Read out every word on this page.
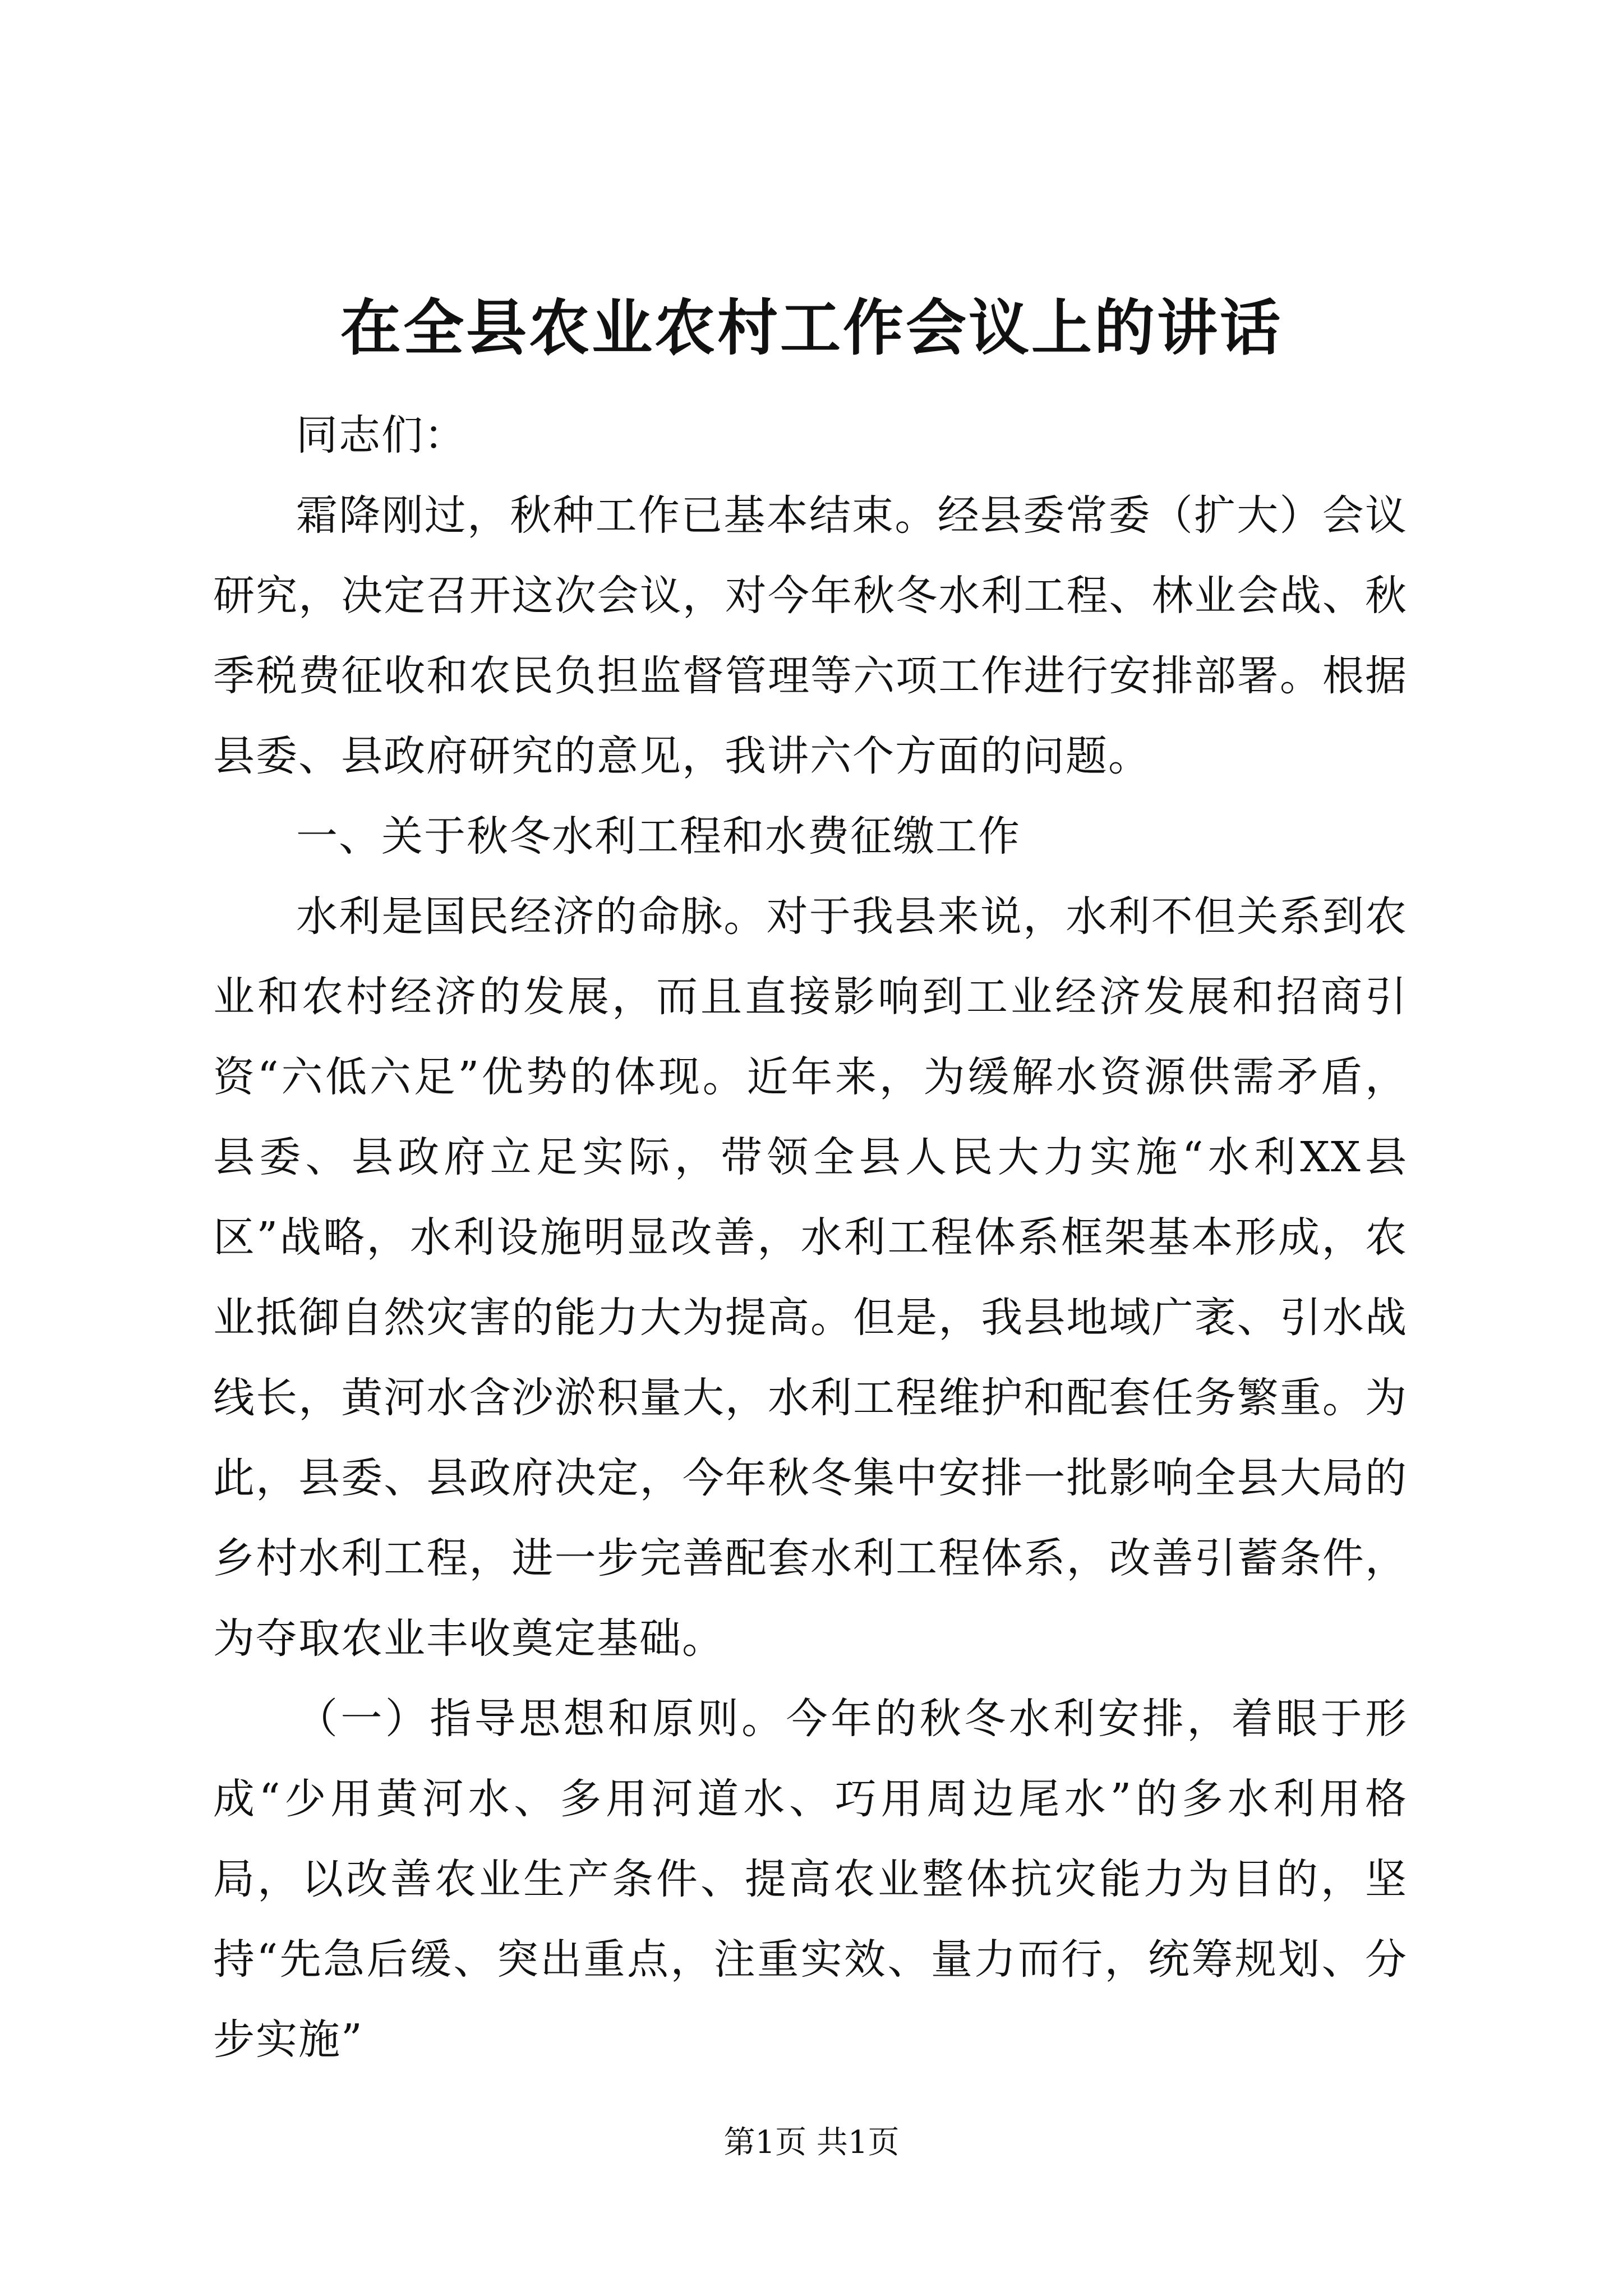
在全县农业农村工作会议上的讲话

同志们：

霜降刚过，秋种工作已基本结束。经县委常委（扩大）会议研究，决定召开这次会议，对今年秋冬水利工程、林业会战、秋季税费征收和农民负担监督管理等六项工作进行安排部署。根据县委、县政府研究的意见，我讲六个方面的问题。

一、关于秋冬水利工程和水费征缴工作

水利是国民经济的命脉。对于我县来说，水利不但关系到农业和农村经济的发展，而且直接影响到工业经济发展和招商引资“六低六足”优势的体现。近年来，为缓解水资源供需矛盾，县委、县政府立足实际，带领全县人民大力实施“水利XX县区”战略，水利设施明显改善，水利工程体系框架基本形成，农业抵御自然灾害的能力大为提高。但是，我县地域广袤、引水战线长，黄河水含沙淤积量大，水利工程维护和配套任务繁重。为此，县委、县政府决定，今年秋冬集中安排一批影响全县大局的乡村水利工程，进一步完善配套水利工程体系，改善引蓄条件，为夺取农业丰收奠定基础。

（一）指导思想和原则。今年的秋冬水利安排，着眼于形成“少用黄河水、多用河道水、巧用周边尾水”的多水利用格局，以改善农业生产条件、提高农业整体抗灾能力为目的，坚持“先急后缓、突出重点，注重实效、量力而行，统筹规划、分步实施”

第1页 共1页
